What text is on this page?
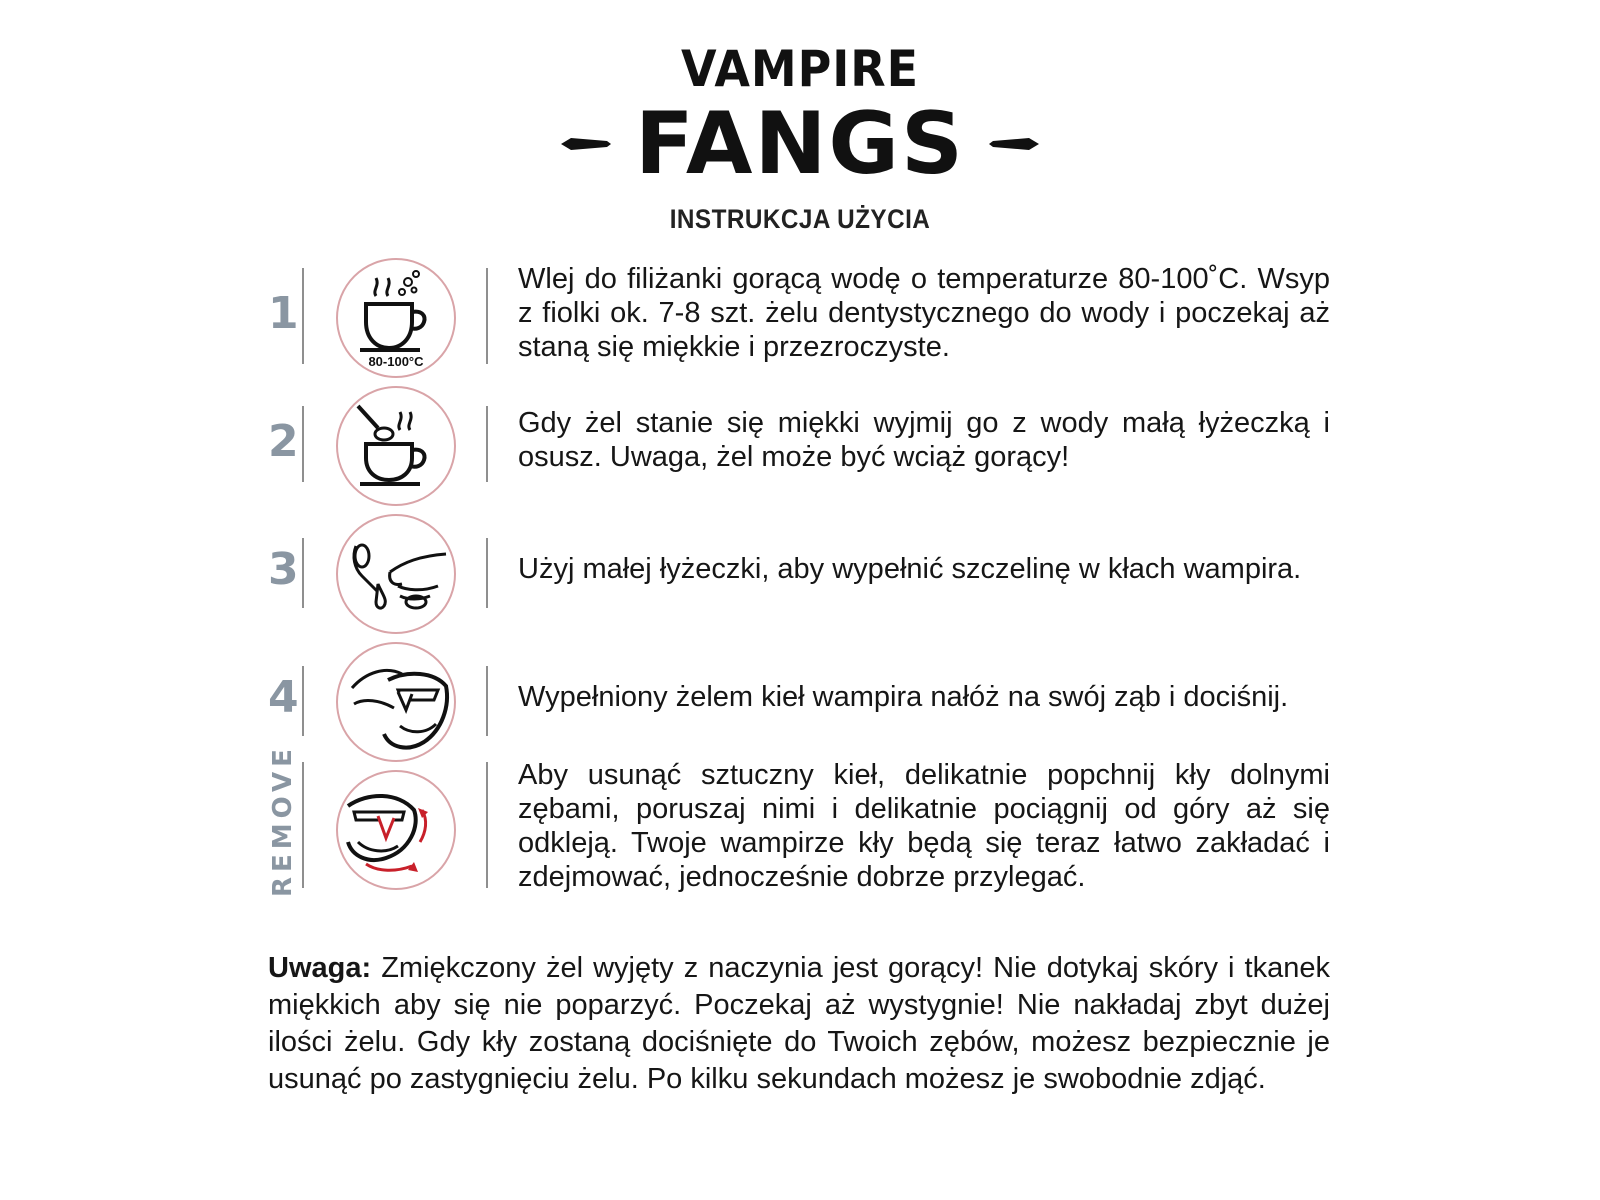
VAMPIRE
FANGS
INSTRUKCJA UŻYCIA
1
80-100°C
Wlej do filiżanki gorącą wodę o temperaturze 80-100˚C. Wsyp z fiolki ok. 7-8 szt. żelu dentystycznego do wody i poczekaj aż staną się miękkie i przezroczyste.
2	Gdy żel stanie się miękki wyjmij go z wody małą łyżeczką i osusz. Uwaga, żel może być wciąż gorący!
3	Użyj małej łyżeczki, aby wypełnić szczelinę w kłach wampira.
4	Wypełniony żelem kieł wampira nałóż na swój ząb i dociśnij.
REMOVE	Aby usunąć sztuczny kieł, delikatnie popchnij kły dolnymi zębami, poruszaj nimi i delikatnie pociągnij od góry aż się odkleją. Twoje wampirze kły będą się teraz łatwo zakładać i zdejmować, jednocześnie dobrze przylegać.
Uwaga: Zmiękczony żel wyjęty z naczynia jest gorący! Nie dotykaj skóry i tkanek miękkich aby się nie poparzyć. Poczekaj aż wystygnie! Nie nakładaj zbyt dużej ilości żelu. Gdy kły zostaną dociśnięte do Twoich zębów, możesz bezpiecznie je usunąć po zastygnięciu żelu. Po kilku sekundach możesz je swobodnie zdjąć.
